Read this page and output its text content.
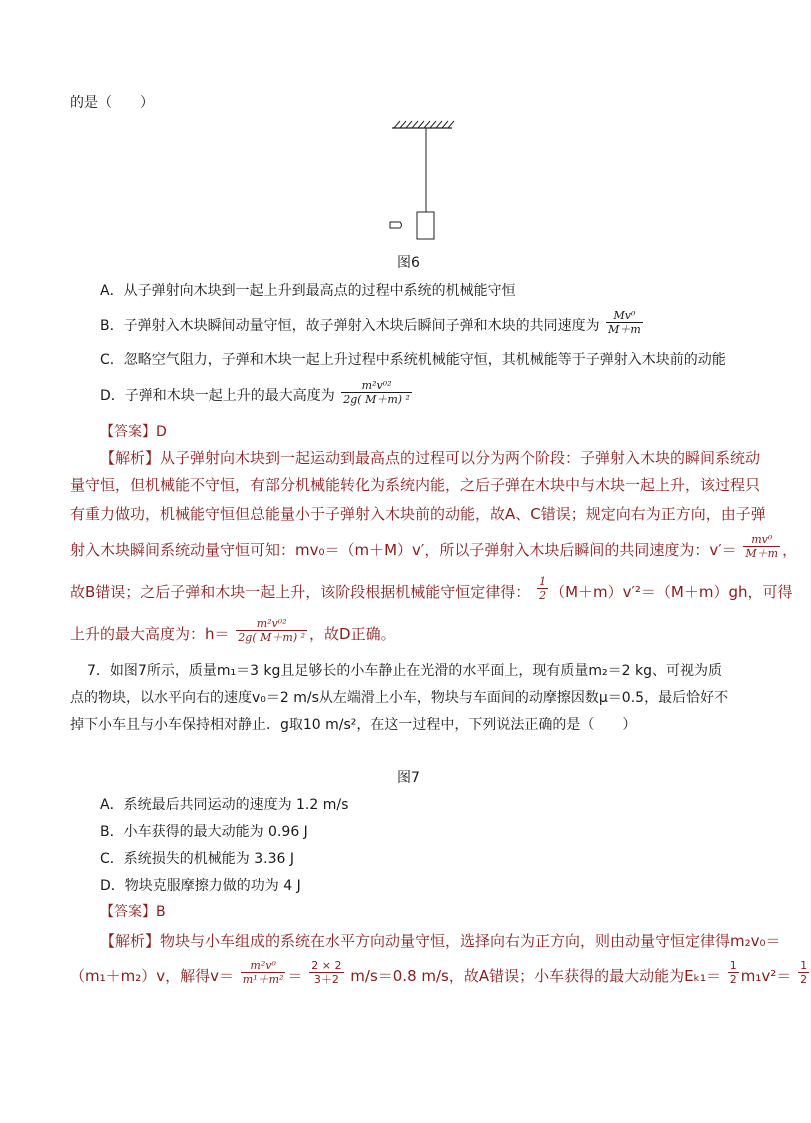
的是（　　）
图6
A．从子弹射向木块到一起上升到最高点的过程中系统的机械能守恒
B．子弹射入木块瞬间动量守恒，故子弹射入木块后瞬间子弹和木块的共同速度为 $\frac{\text{Mv⁰}}{M+m}$
C．忽略空气阻力，子弹和木块一起上升过程中系统机械能守恒，其机械能等于子弹射入木块前的动能
D．子弹和木块一起上升的最大高度为 $\frac{\text{m²v⁰²}}{\text{2g( M＋m) ²}}$
【答案】D
【解析】从子弹射向木块到一起运动到最高点的过程可以分为两个阶段：子弹射入木块的瞬间系统动
量守恒，但机械能不守恒，有部分机械能转化为系统内能，之后子弹在木块中与木块一起上升，该过程只
有重力做功，机械能守恒但总能量小于子弹射入木块前的动能，故A、C错误；规定向右为正方向，由子弹
射入木块瞬间系统动量守恒可知：mv₀＝（m＋M）v′，所以子弹射入木块后瞬间的共同速度为：$v'= \frac{\text{mv⁰}}{M+m}$ ，
故B错误；之后子弹和木块一起上升，该阶段根据机械能守恒定律得： $\frac{1}{2} (M+m)v'^2=(M+m)gh$，可得
上升的最大高度为：$h= \frac{\text{m²v⁰²}}{\text{2g( M＋m) ²}}$ ，故D正确。
7．如图7所示，质量m₁＝3 kg且足够长的小车静止在光滑的水平面上，现有质量m₂＝2 kg、可视为质
点的物块，以水平向右的速度v₀＝2 m/s从左端滑上小车，物块与车面间的动摩擦因数μ＝0.5，最后恰好不
掉下小车且与小车保持相对静止．g取10 m/s²，在这一过程中，下列说法正确的是（　　）
图7
A．系统最后共同运动的速度为 1.2 m/s
B．小车获得的最大动能为 0.96 J
C．系统损失的机械能为 3.36 J
D．物块克服摩擦力做的功为 4 J
【答案】B
【解析】物块与小车组成的系统在水平方向动量守恒，选择向右为正方向，则由动量守恒定律得m₂v₀＝
（m₁＋m₂）v，解得$v= \frac{\text{m²v⁰}}{\text{m¹＋m²}} = \frac{2 \times 2}{3+2} m/s=0.8$ m/s，故A错误；小车获得的最大动能为$E_{k1}= \frac{1}{2} m_1v^2= \frac{1}{2}$
